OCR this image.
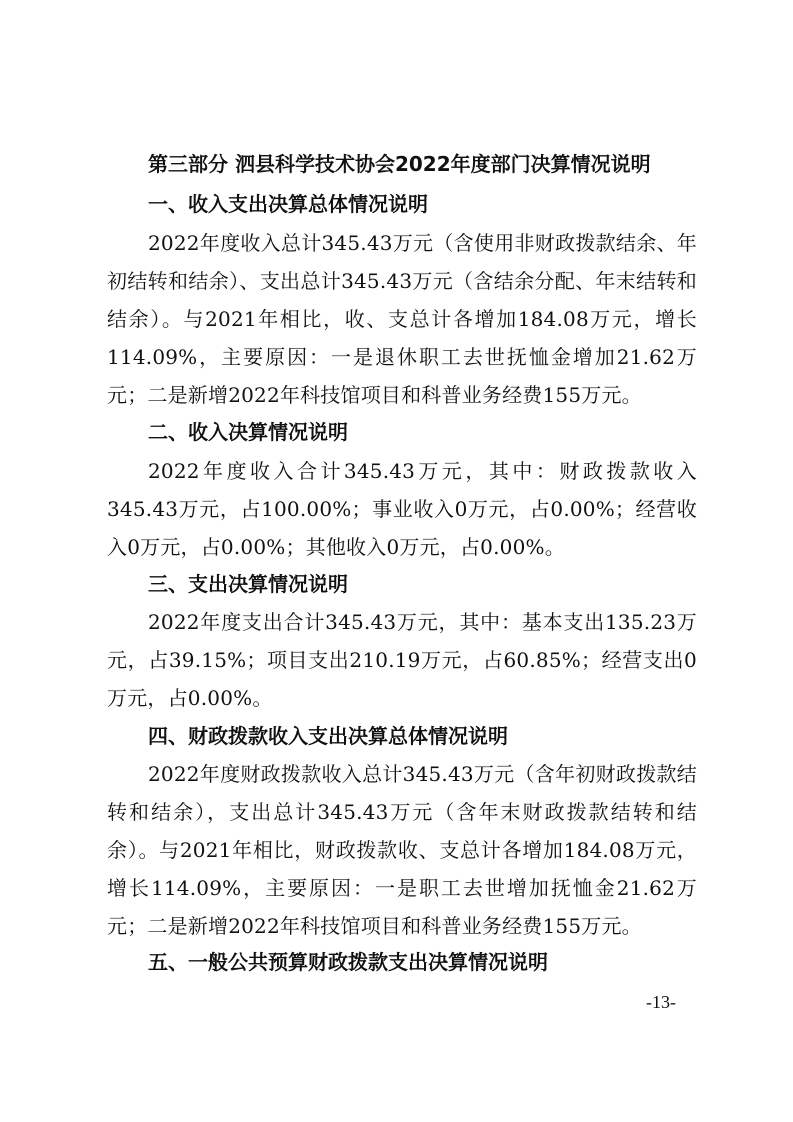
第三部分 泗县科学技术协会2022年度部门决算情况说明
一、收入支出决算总体情况说明

2022年度收入总计345.43万元（含使用非财政拨款结余、年初结转和结余）、支出总计345.43万元（含结余分配、年末结转和结余）。与2021年相比，收、支总计各增加184.08万元，增长114.09%，主要原因：一是退休职工去世抚恤金增加21.62万元；二是新增2022年科技馆项目和科普业务经费155万元。

二、收入决算情况说明

2022年度收入合计345.43万元，其中：财政拨款收入345.43万元，占100.00%；事业收入0万元，占0.00%；经营收入0万元，占0.00%；其他收入0万元，占0.00%。

三、支出决算情况说明

2022年度支出合计345.43万元，其中：基本支出135.23万元，占39.15%；项目支出210.19万元，占60.85%；经营支出0万元，占0.00%。

四、财政拨款收入支出决算总体情况说明

2022年度财政拨款收入总计345.43万元（含年初财政拨款结转和结余），支出总计345.43万元（含年末财政拨款结转和结余）。与2021年相比，财政拨款收、支总计各增加184.08万元，增长114.09%，主要原因：一是职工去世增加抚恤金21.62万元；二是新增2022年科技馆项目和科普业务经费155万元。

五、一般公共预算财政拨款支出决算情况说明
-13-
